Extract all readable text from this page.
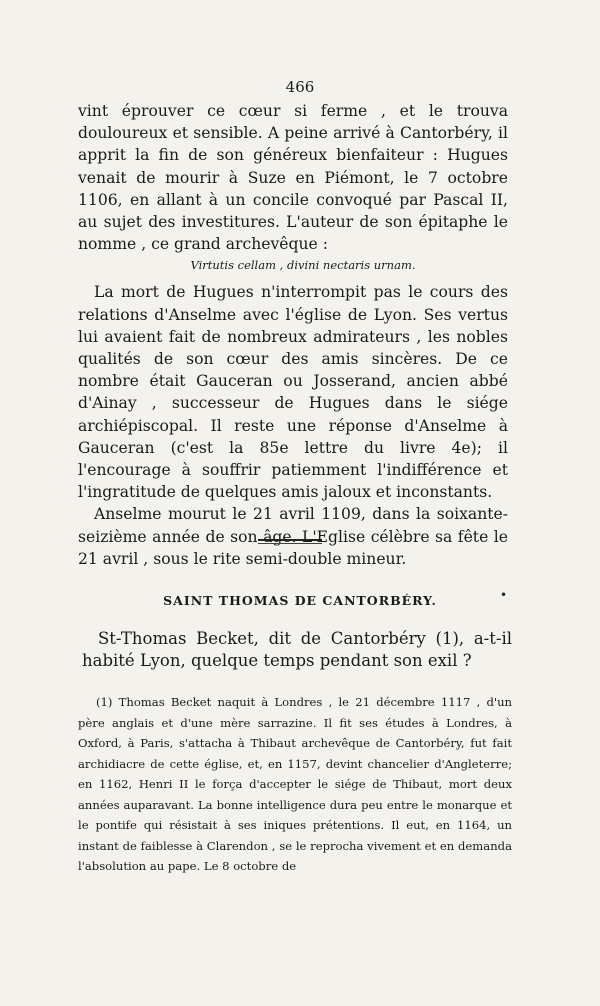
466

vint éprouver ce cœur si ferme , et le trouva douloureux et sensible. A peine arrivé à Cantorbéry, il apprit la fin de son généreux bienfaiteur : Hugues venait de mourir à Suze en Piémont, le 7 octobre 1106, en allant à un concile convoqué par Pascal II, au sujet des investitures. L'auteur de son épitaphe le nomme , ce grand archevêque :

Virtutis cellam , divini nectaris urnam.

La mort de Hugues n'interrompit pas le cours des relations d'Anselme avec l'église de Lyon. Ses vertus lui avaient fait de nombreux admirateurs , les nobles qualités de son cœur des amis sincères. De ce nombre était Gauceran ou Josserand, ancien abbé d'Ainay , successeur de Hugues dans le siége archiépiscopal. Il reste une réponse d'Anselme à Gauceran (c'est la 85e lettre du livre 4e); il l'encourage à souffrir patiemment l'indifférence et l'ingratitude de quelques amis jaloux et inconstants.

Anselme mourut le 21 avril 1109, dans la soixante-seizième année de son âge. L'Eglise célèbre sa fête le 21 avril , sous le rite semi-double mineur.

SAINT THOMAS DE CANTORBÉRY.	•
St-Thomas Becket, dit de Cantorbéry (1), a-t-il habité Lyon, quelque temps pendant son exil ?
(1) Thomas Becket naquit à Londres , le 21 décembre 1117 , d'un père anglais et d'une mère sarrazine. Il fit ses études à Londres, à Oxford, à Paris, s'attacha à Thibaut archevêque de Cantorbéry, fut fait archidiacre de cette église, et, en 1157, devint chancelier d'Angleterre; en 1162, Henri II le força d'accepter le siége de Thibaut, mort deux années auparavant. La bonne intelligence dura peu entre le monarque et le pontife qui résistait à ses iniques prétentions. Il eut, en 1164, un instant de faiblesse à Clarendon , se le reprocha vivement et en demanda l'absolution au pape. Le 8 octobre de
